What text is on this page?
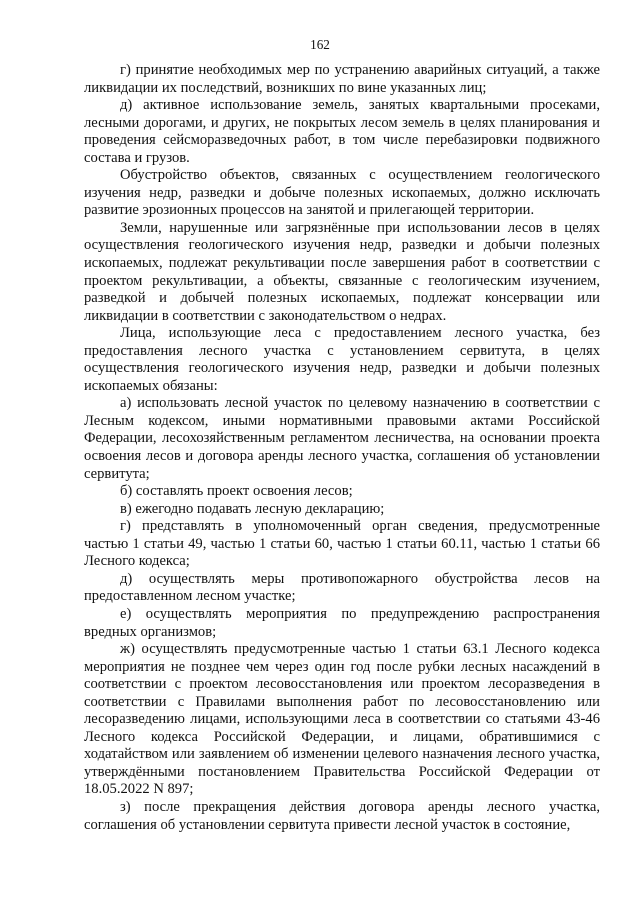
162

г) принятие необходимых мер по устранению аварийных ситуаций, а также ликвидации их последствий, возникших по вине указанных лиц;

д) активное использование земель, занятых квартальными просеками, лесными дорогами, и других, не покрытых лесом земель в целях планирования и проведения сейсморазведочных работ, в том числе перебазировки подвижного состава и грузов.

Обустройство объектов, связанных с осуществлением геологического изучения недр, разведки и добыче полезных ископаемых, должно исключать развитие эрозионных процессов на занятой и прилегающей территории.

Земли, нарушенные или загрязнённые при использовании лесов в целях осуществления геологического изучения недр, разведки и добычи полезных ископаемых, подлежат рекультивации после завершения работ в соответствии с проектом рекультивации, а объекты, связанные с геологическим изучением, разведкой и добычей полезных ископаемых, подлежат консервации или ликвидации в соответствии с законодательством о недрах.

Лица, использующие леса с предоставлением лесного участка, без предоставления лесного участка с установлением сервитута, в целях осуществления геологического изучения недр, разведки и добычи полезных ископаемых обязаны:

а) использовать лесной участок по целевому назначению в соответствии с Лесным кодексом, иными нормативными правовыми актами Российской Федерации, лесохозяйственным регламентом лесничества, на основании проекта освоения лесов и договора аренды лесного участка, соглашения об установлении сервитута;

б) составлять проект освоения лесов;

в) ежегодно подавать лесную декларацию;

г) представлять в уполномоченный орган сведения, предусмотренные частью 1 статьи 49, частью 1 статьи 60, частью 1 статьи 60.11, частью 1 статьи 66 Лесного кодекса;

д) осуществлять меры противопожарного обустройства лесов на предоставленном лесном участке;

е) осуществлять мероприятия по предупреждению распространения вредных организмов;

ж) осуществлять предусмотренные частью 1 статьи 63.1 Лесного кодекса мероприятия не позднее чем через один год после рубки лесных насаждений в соответствии с проектом лесовосстановления или проектом лесоразведения в соответствии с Правилами выполнения работ по лесовосстановлению или лесоразведению лицами, использующими леса в соответствии со статьями 43-46 Лесного кодекса Российской Федерации, и лицами, обратившимися с ходатайством или заявлением об изменении целевого назначения лесного участка, утверждёнными постановлением Правительства Российской Федерации от 18.05.2022 N 897;

з) после прекращения действия договора аренды лесного участка, соглашения об установлении сервитута привести лесной участок в состояние,
